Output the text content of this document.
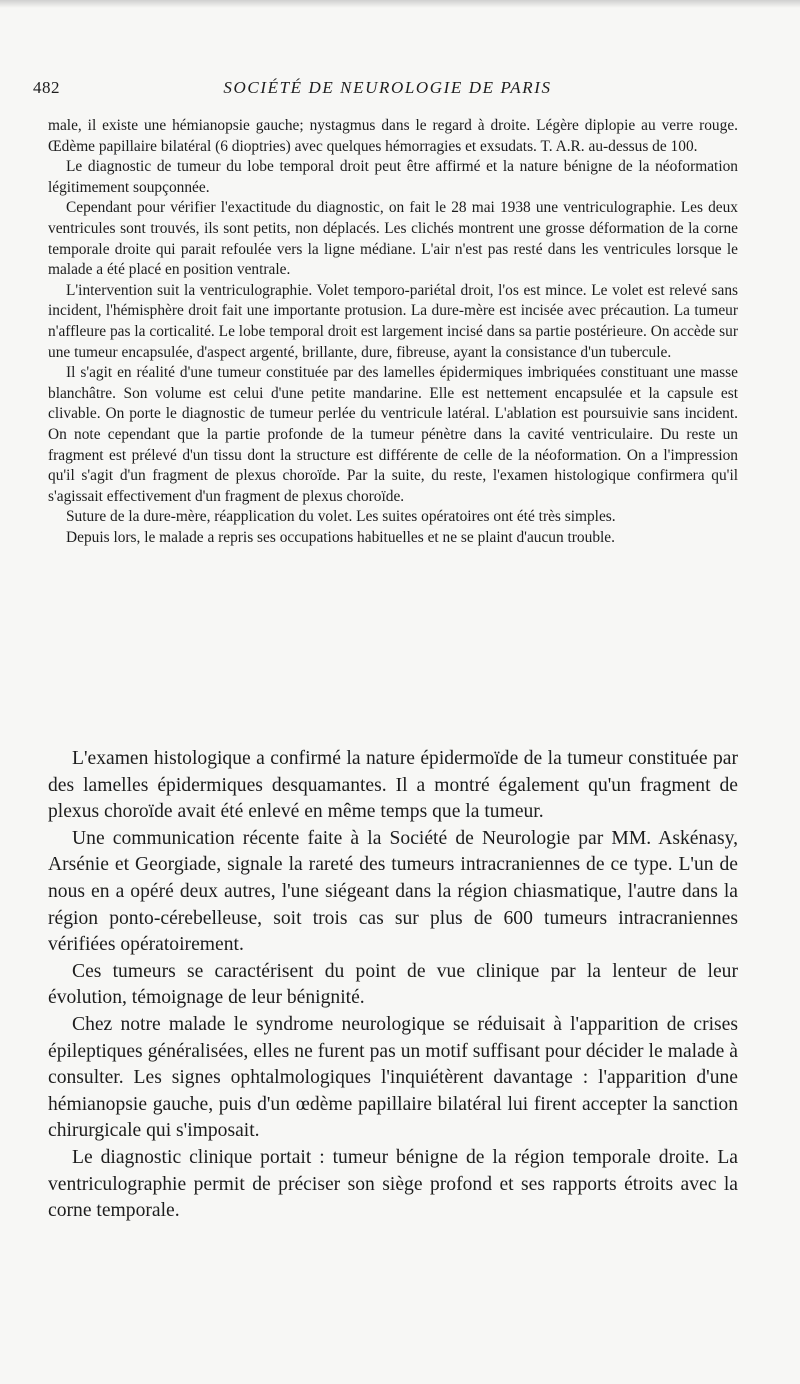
482	SOCIÉTÉ DE NEUROLOGIE DE PARIS

male, il existe une hémianopsie gauche; nystagmus dans le regard à droite. Légère diplopie au verre rouge. Œdème papillaire bilatéral (6 dioptries) avec quelques hémorragies et exsudats. T. A.R. au-dessus de 100.

Le diagnostic de tumeur du lobe temporal droit peut être affirmé et la nature bénigne de la néoformation légitimement soupçonnée.

Cependant pour vérifier l'exactitude du diagnostic, on fait le 28 mai 1938 une ventriculographie. Les deux ventricules sont trouvés, ils sont petits, non déplacés. Les clichés montrent une grosse déformation de la corne temporale droite qui parait refoulée vers la ligne médiane. L'air n'est pas resté dans les ventricules lorsque le malade a été placé en position ventrale.

L'intervention suit la ventriculographie. Volet temporo-pariétal droit, l'os est mince. Le volet est relevé sans incident, l'hémisphère droit fait une importante protusion. La dure-mère est incisée avec précaution. La tumeur n'affleure pas la corticalité. Le lobe temporal droit est largement incisé dans sa partie postérieure. On accède sur une tumeur encapsulée, d'aspect argenté, brillante, dure, fibreuse, ayant la consistance d'un tubercule.

Il s'agit en réalité d'une tumeur constituée par des lamelles épidermiques imbriquées constituant une masse blanchâtre. Son volume est celui d'une petite mandarine. Elle est nettement encapsulée et la capsule est clivable. On porte le diagnostic de tumeur perlée du ventricule latéral. L'ablation est poursuivie sans incident. On note cependant que la partie profonde de la tumeur pénètre dans la cavité ventriculaire. Du reste un fragment est prélevé d'un tissu dont la structure est différente de celle de la néoformation. On a l'impression qu'il s'agit d'un fragment de plexus choroïde. Par la suite, du reste, l'examen histologique confirmera qu'il s'agissait effectivement d'un fragment de plexus choroïde.

Suture de la dure-mère, réapplication du volet. Les suites opératoires ont été très simples.

Depuis lors, le malade a repris ses occupations habituelles et ne se plaint d'aucun trouble.

L'examen histologique a confirmé la nature épidermoïde de la tumeur constituée par des lamelles épidermiques desquamantes. Il a montré également qu'un fragment de plexus choroïde avait été enlevé en même temps que la tumeur.

Une communication récente faite à la Société de Neurologie par MM. Askénasy, Arsénie et Georgiade, signale la rareté des tumeurs intracraniennes de ce type. L'un de nous en a opéré deux autres, l'une siégeant dans la région chiasmatique, l'autre dans la région ponto-cérebelleuse, soit trois cas sur plus de 600 tumeurs intracraniennes vérifiées opératoirement.

Ces tumeurs se caractérisent du point de vue clinique par la lenteur de leur évolution, témoignage de leur bénignité.

Chez notre malade le syndrome neurologique se réduisait à l'apparition de crises épileptiques généralisées, elles ne furent pas un motif suffisant pour décider le malade à consulter. Les signes ophtalmologiques l'inquiétèrent davantage : l'apparition d'une hémianopsie gauche, puis d'un œdème papillaire bilatéral lui firent accepter la sanction chirurgicale qui s'imposait.

Le diagnostic clinique portait : tumeur bénigne de la région temporale droite. La ventriculographie permit de préciser son siège profond et ses rapports étroits avec la corne temporale.
